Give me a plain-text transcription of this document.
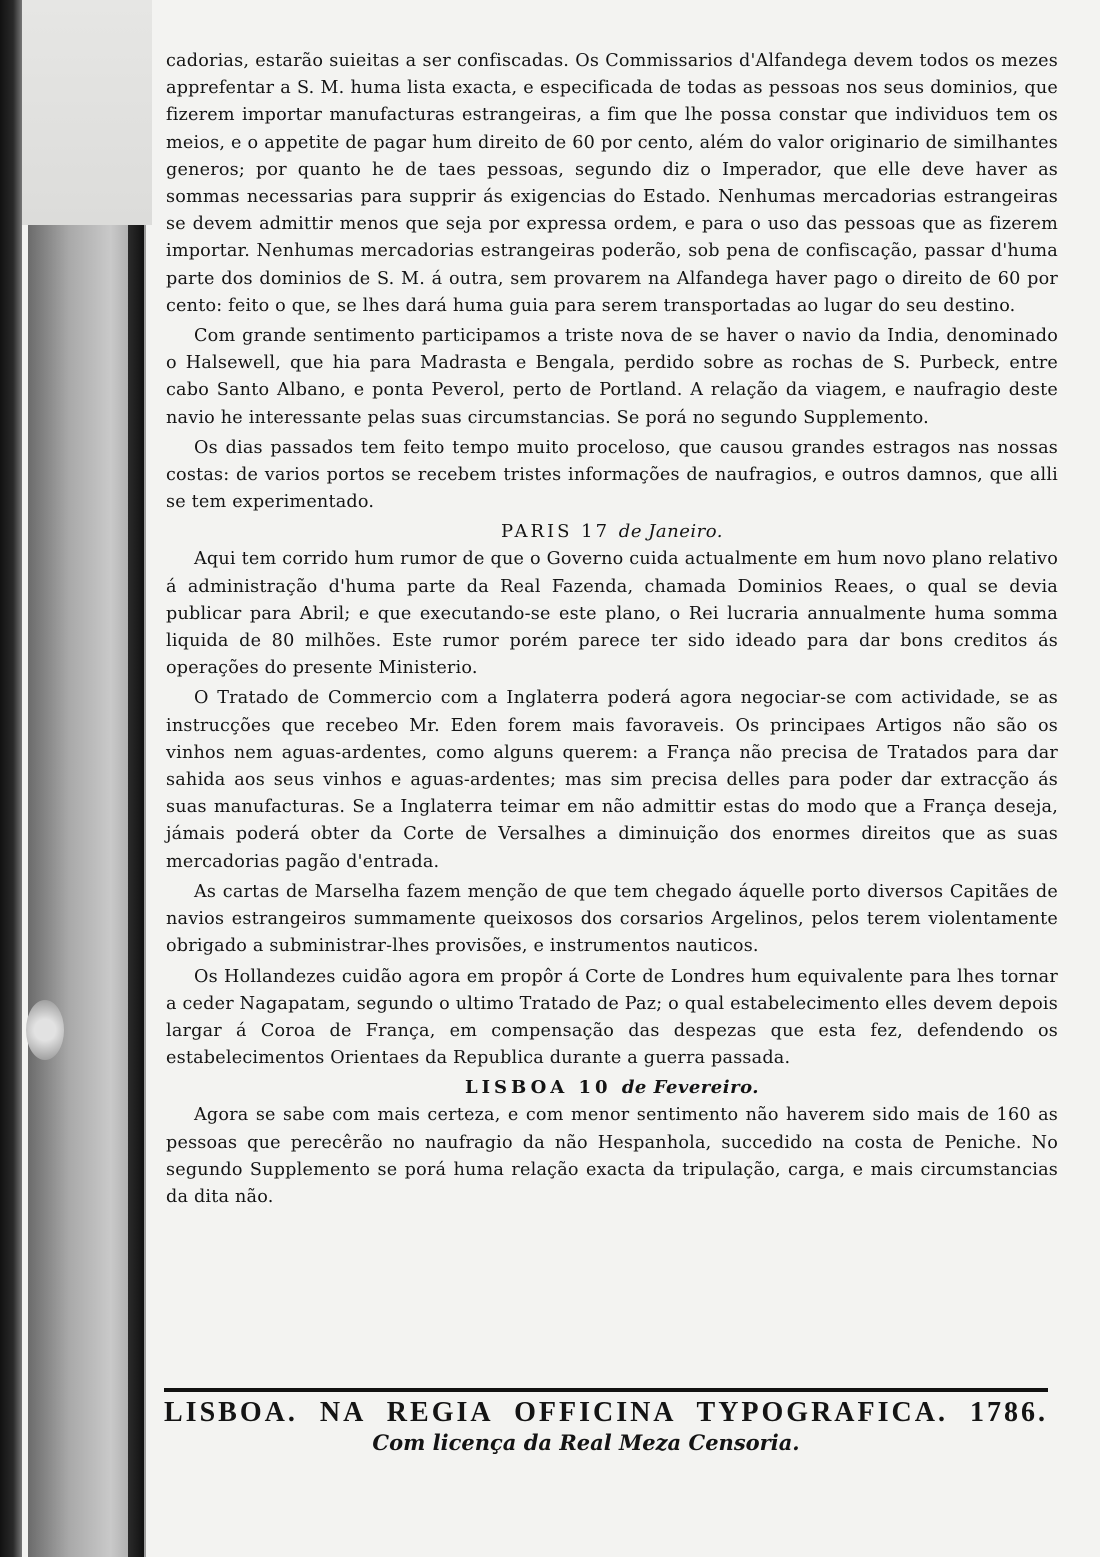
cadorias, estarão suieitas a ser confiscadas. Os Commissarios d'Alfandega devem todos os mezes apprefentar a S. M. huma lista exacta, e especificada de todas as pessoas nos seus dominios, que fizerem importar manufacturas estrangeiras, a fim que lhe possa constar que individuos tem os meios, e o appetite de pagar hum direito de 60 por cento, além do valor originario de similhantes generos; por quanto he de taes pessoas, segundo diz o Imperador, que elle deve haver as sommas necessarias para supprir ás exigencias do Estado. Nenhumas mercadorias estrangeiras se devem admittir menos que seja por expressa ordem, e para o uso das pessoas que as fizerem importar. Nenhumas mercadorias estrangeiras poderão, sob pena de confiscação, passar d'huma parte dos dominios de S. M. á outra, sem provarem na Alfandega haver pago o direito de 60 por cento: feito o que, se lhes dará huma guia para serem transportadas ao lugar do seu destino.

Com grande sentimento participamos a triste nova de se haver o navio da India, denominado o Halsewell, que hia para Madrasta e Bengala, perdido sobre as rochas de S. Purbeck, entre cabo Santo Albano, e ponta Peverol, perto de Portland. A relação da viagem, e naufragio deste navio he interessante pelas suas circumstancias. Se porá no segundo Supplemento.

Os dias passados tem feito tempo muito proceloso, que causou grandes estragos nas nossas costas: de varios portos se recebem tristes informações de naufragios, e outros damnos, que alli se tem experimentado.

PARIS 17 de Janeiro.

Aqui tem corrido hum rumor de que o Governo cuida actualmente em hum novo plano relativo á administração d'huma parte da Real Fazenda, chamada Dominios Reaes, o qual se devia publicar para Abril; e que executando-se este plano, o Rei lucraria annualmente huma somma liquida de 80 milhões. Este rumor porém parece ter sido ideado para dar bons creditos ás operações do presente Ministerio.

O Tratado de Commercio com a Inglaterra poderá agora negociar-se com actividade, se as instrucções que recebeo Mr. Eden forem mais favoraveis. Os principaes Artigos não são os vinhos nem aguas-ardentes, como alguns querem: a França não precisa de Tratados para dar sahida aos seus vinhos e aguas-ardentes; mas sim precisa delles para poder dar extracção ás suas manufacturas. Se a Inglaterra teimar em não admittir estas do modo que a França deseja, jámais poderá obter da Corte de Versalhes a diminuição dos enormes direitos que as suas mercadorias pagão d'entrada.

As cartas de Marselha fazem menção de que tem chegado áquelle porto diversos Capitães de navios estrangeiros summamente queixosos dos corsarios Argelinos, pelos terem violentamente obrigado a subministrar-lhes provisões, e instrumentos nauticos.

Os Hollandezes cuidão agora em propôr á Corte de Londres hum equivalente para lhes tornar a ceder Nagapatam, segundo o ultimo Tratado de Paz; o qual estabelecimento elles devem depois largar á Coroa de França, em compensação das despezas que esta fez, defendendo os estabelecimentos Orientaes da Republica durante a guerra passada.

LISBOA 10 de Fevereiro.

Agora se sabe com mais certeza, e com menor sentimento não haverem sido mais de 160 as pessoas que perecêrão no naufragio da não Hespanhola, succedido na costa de Peniche. No segundo Supplemento se porá huma relação exacta da tripulação, carga, e mais circumstancias da dita não.

LISBOA. NA REGIA OFFICINA TYPOGRAFICA. 1786.
Com licença da Real Meza Censoria.
